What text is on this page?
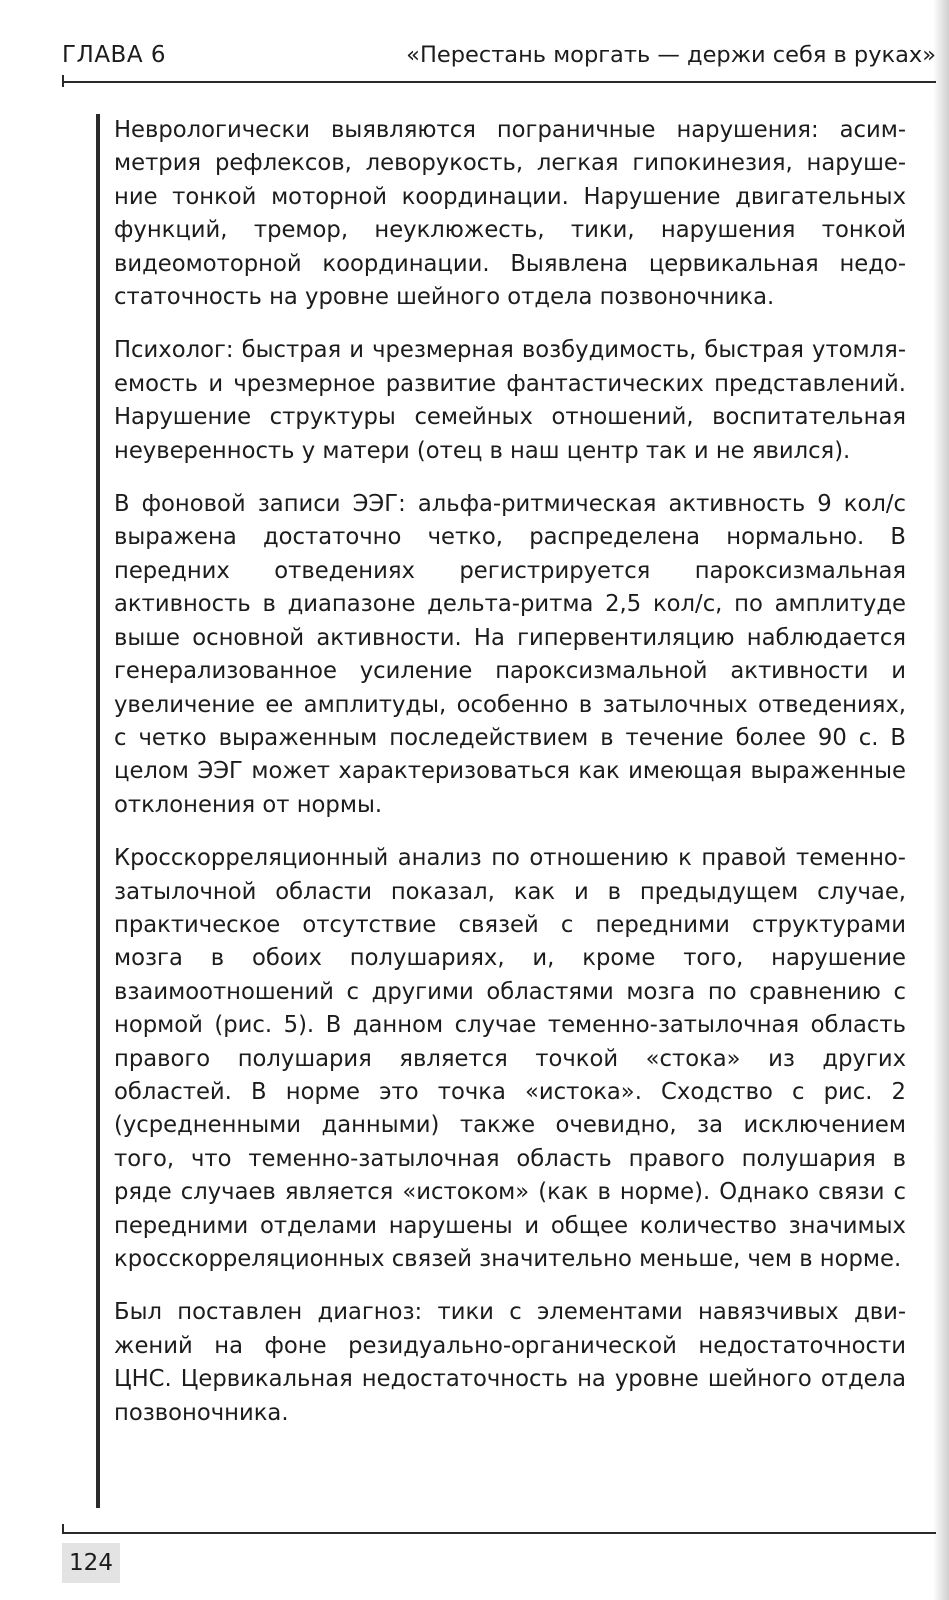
ГЛАВА 6	«Перестань моргать — держи себя в руках»

Неврологически выявляются пограничные нарушения: асимметрия рефлексов, леворукость, легкая гипокинезия, нарушение тонкой моторной координации. Нарушение двигательных функций, тремор, неуклюжесть, тики, нарушения тонкой видеомоторной координации. Выявлена цервикальная недостаточность на уровне шейного отдела позвоночника.

Психолог: быстрая и чрезмерная возбудимость, быстрая утомляемость и чрезмерное развитие фантастических представлений. Нарушение структуры семейных отношений, воспитательная неуверенность у матери (отец в наш центр так и не явился).

В фоновой записи ЭЭГ: альфа-ритмическая активность 9 кол/с выражена достаточно четко, распределена нормально. В передних отведениях регистрируется пароксизмальная активность в диапазоне дельта-ритма 2,5 кол/с, по амплитуде выше основной активности. На гипервентиляцию наблюдается генерализованное усиление пароксизмальной активности и увеличение ее амплитуды, особенно в затылочных отведениях, с четко выраженным последействием в течение более 90 с. В целом ЭЭГ может характеризоваться как имеющая выраженные отклонения от нормы.

Кросскорреляционный анализ по отношению к правой теменно-затылочной области показал, как и в предыдущем случае, практическое отсутствие связей с передними структурами мозга в обоих полушариях, и, кроме того, нарушение взаимоотношений с другими областями мозга по сравнению с нормой (рис. 5). В данном случае теменно-затылочная область правого полушария является точкой «стока» из других областей. В норме это точка «истока». Сходство с рис. 2 (усредненными данными) также очевидно, за исключением того, что теменно-затылочная область правого полушария в ряде случаев является «истоком» (как в норме). Однако связи с передними отделами нарушены и общее количество значимых кросскорреляционных связей значительно меньше, чем в норме.

Был поставлен диагноз: тики с элементами навязчивых движений на фоне резидуально-органической недостаточности ЦНС. Цервикальная недостаточность на уровне шейного отдела позвоночника.

124
